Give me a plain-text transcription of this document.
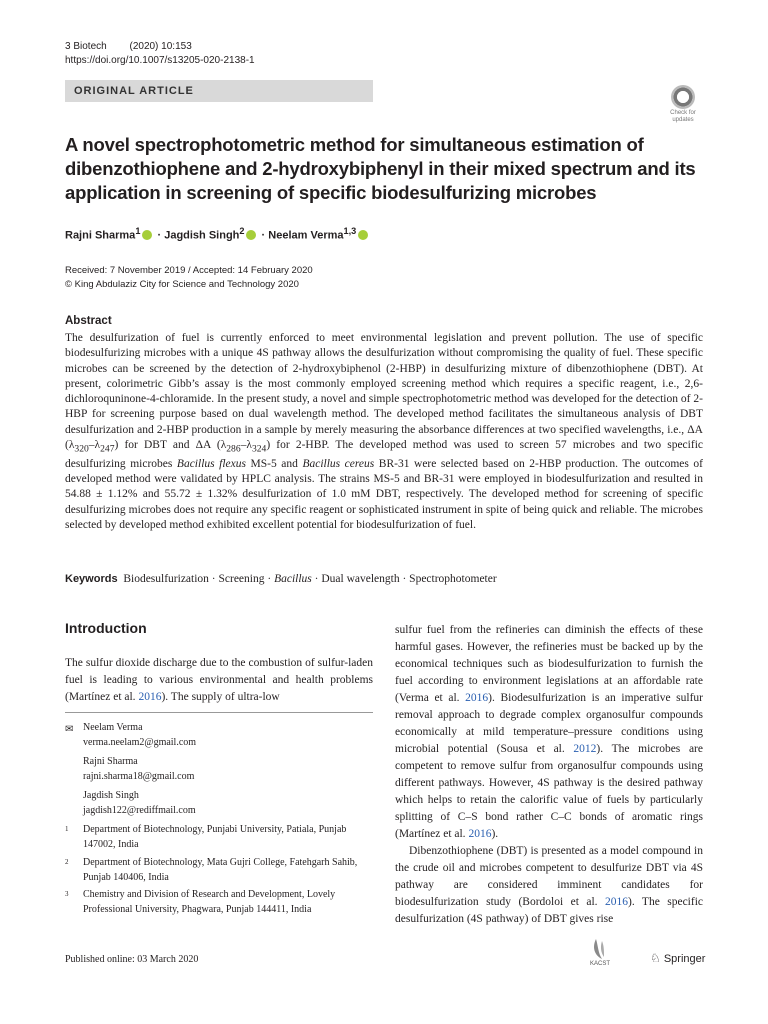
3 Biotech (2020) 10:153
https://doi.org/10.1007/s13205-020-2138-1
ORIGINAL ARTICLE
Check for updates
A novel spectrophotometric method for simultaneous estimation of dibenzothiophene and 2-hydroxybiphenyl in their mixed spectrum and its application in screening of specific biodesulfurizing microbes
Rajni Sharma$^1$ · Jagdish Singh$^2$ · Neelam Verma$^{1,3}$
Received: 7 November 2019 / Accepted: 14 February 2020
© King Abdulaziz City for Science and Technology 2020
Abstract
The desulfurization of fuel is currently enforced to meet environmental legislation and prevent pollution. The use of specific biodesulfurizing microbes with a unique 4S pathway allows the desulfurization without compromising the quality of fuel. These specific microbes can be screened by the detection of 2-hydroxybiphenol (2-HBP) in desulfurizing mixture of dibenzothiophene (DBT). At present, colorimetric Gibb’s assay is the most commonly employed screening method which requires a specific reagent, i.e., 2,6-dichloroquninone-4-chloramide. In the present study, a novel and simple spectrophotometric method was developed for the detection of 2-HBP for screening purpose based on dual wavelength method. The developed method facilitates the simultaneous analysis of DBT desulfurization and 2-HBP production in a sample by merely measuring the absorbance differences at two specified wavelengths, i.e., ΔA $(\lambda_{320}-\lambda_{247})$ for DBT and ΔA $(\lambda_{286}-\lambda_{324})$ for 2-HBP. The developed method was used to screen 57 microbes and two specific desulfurizing microbes Bacillus flexus MS-5 and Bacillus cereus BR-31 were selected based on 2-HBP production. The outcomes of developed method were validated by HPLC analysis. The strains MS-5 and BR-31 were employed in biodesulfurization and resulted in 54.88 ± 1.12% and 55.72 ± 1.32% desulfurization of 1.0 mM DBT, respectively. The developed method for screening of specific desulfurizing microbes does not require any specific reagent or sophisticated instrument in spite of being quick and reliable. The microbes selected by developed method exhibited excellent potential for biodesulfurization of fuel.
Keywords Biodesulfurization · Screening · Bacillus · Dual wavelength · Spectrophotometer
Introduction
The sulfur dioxide discharge due to the combustion of sulfur-laden fuel is leading to various environmental and health problems (Martínez et al. 2016). The supply of ultra-low
✉ Neelam Verma
verma.neelam2@gmail.com
Rajni Sharma
rajni.sharma18@gmail.com
Jagdish Singh
jagdish122@rediffmail.com
1 Department of Biotechnology, Punjabi University, Patiala, Punjab 147002, India
2 Department of Biotechnology, Mata Gujri College, Fatehgarh Sahib, Punjab 140406, India
3 Chemistry and Division of Research and Development, Lovely Professional University, Phagwara, Punjab 144411, India
sulfur fuel from the refineries can diminish the effects of these harmful gases. However, the refineries must be backed up by the economical techniques such as biodesulfurization to furnish the fuel according to environment legislations at an affordable rate (Verma et al. 2016). Biodesulfurization is an imperative sulfur removal approach to degrade complex organosulfur compounds economically at mild temperature–pressure conditions using microbial potential (Sousa et al. 2012). The microbes are competent to remove sulfur from organosulfur compounds using different pathways. However, 4S pathway is the desired pathway which helps to retain the calorific value of fuels by particularly splitting of C–S bond rather C–C bonds of aromatic rings (Martínez et al. 2016).
Dibenzothiophene (DBT) is presented as a model compound in the crude oil and microbes competent to desulfurize DBT via 4S pathway are considered imminent candidates for biodesulfurization study (Bordoloi et al. 2016). The specific desulfurization (4S pathway) of DBT gives rise
Published online: 03 March 2020	KACST	♘ Springer
